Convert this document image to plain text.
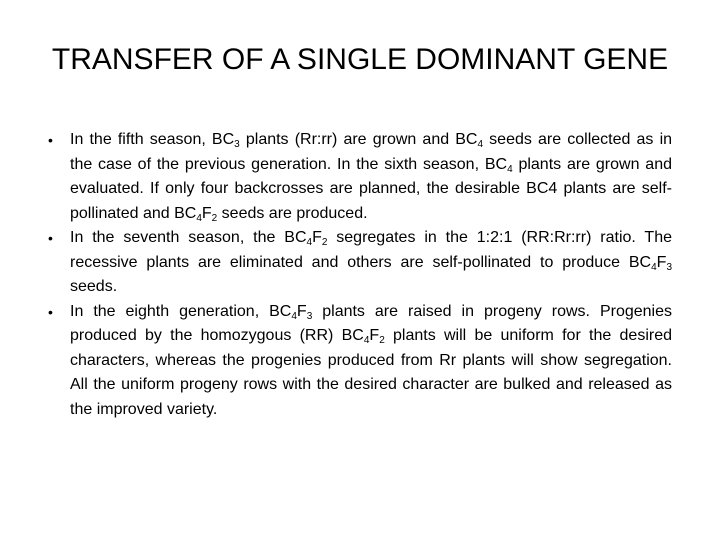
TRANSFER OF A SINGLE DOMINANT GENE
•	In the fifth season, $BC_3$ plants (Rr:rr) are grown and $BC_4$ seeds are collected as in the case of the previous generation. In the sixth season, $BC_4$ plants are grown and evaluated. If only four backcrosses are planned, the desirable BC4 plants are self-pollinated and $BC_4F_2$ seeds are produced.
•	In the seventh season, the $BC_4F_2$ segregates in the 1:2:1 (RR:Rr:rr) ratio. The recessive plants are eliminated and others are self-pollinated to produce $BC_4F_3$ seeds.
•	In the eighth generation, $BC_4F_3$ plants are raised in progeny rows. Progenies produced by the homozygous (RR) $BC_4F_2$ plants will be uniform for the desired characters, whereas the progenies produced from Rr plants will show segregation. All the uniform progeny rows with the desired character are bulked and released as the improved variety.
